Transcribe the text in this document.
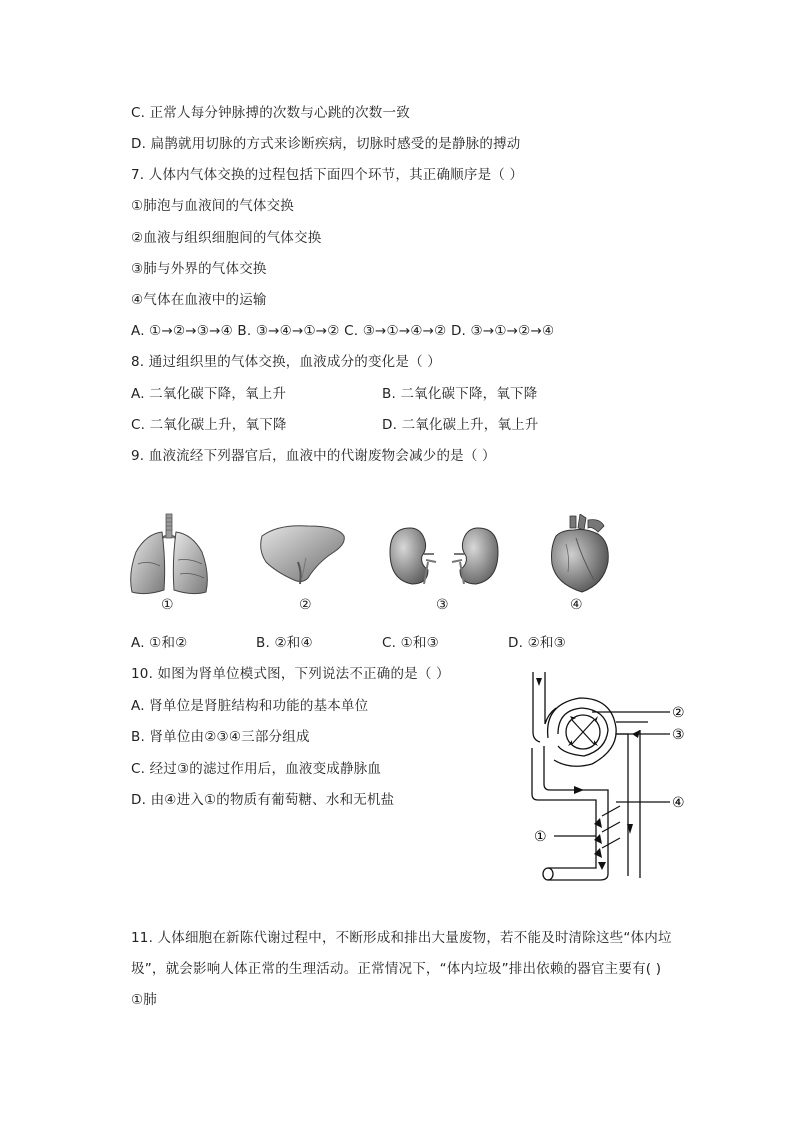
C. 正常人每分钟脉搏的次数与心跳的次数一致
D. 扁鹊就用切脉的方式来诊断疾病，切脉时感受的是静脉的搏动
7. 人体内气体交换的过程包括下面四个环节，其正确顺序是（ ）
①肺泡与血液间的气体交换
②血液与组织细胞间的气体交换
③肺与外界的气体交换
④气体在血液中的运输
A. ①→②→③→④ B. ③→④→①→② C. ③→①→④→② D. ③→①→②→④
8. 通过组织里的气体交换，血液成分的变化是（ ）
A. 二氧化碳下降，氧上升	B. 二氧化碳下降，氧下降
C. 二氧化碳上升，氧下降	D. 二氧化碳上升，氧上升
9. 血液流经下列器官后，血液中的代谢废物会减少的是（ ）
①	②	③	④
A. ①和②	B. ②和④	C. ①和③	D. ②和③
10. 如图为肾单位模式图，下列说法不正确的是（ ）
A. 肾单位是肾脏结构和功能的基本单位
B. 肾单位由②③④三部分组成
C. 经过③的滤过作用后，血液变成静脉血
D. 由④进入①的物质有葡萄糖、水和无机盐
②
③
④
①
11. 人体细胞在新陈代谢过程中，不断形成和排出大量废物，若不能及时清除这些“体内垃
圾”，就会影响人体正常的生理活动。正常情况下，“体内垃圾”排出依赖的器官主要有( )
①肺
